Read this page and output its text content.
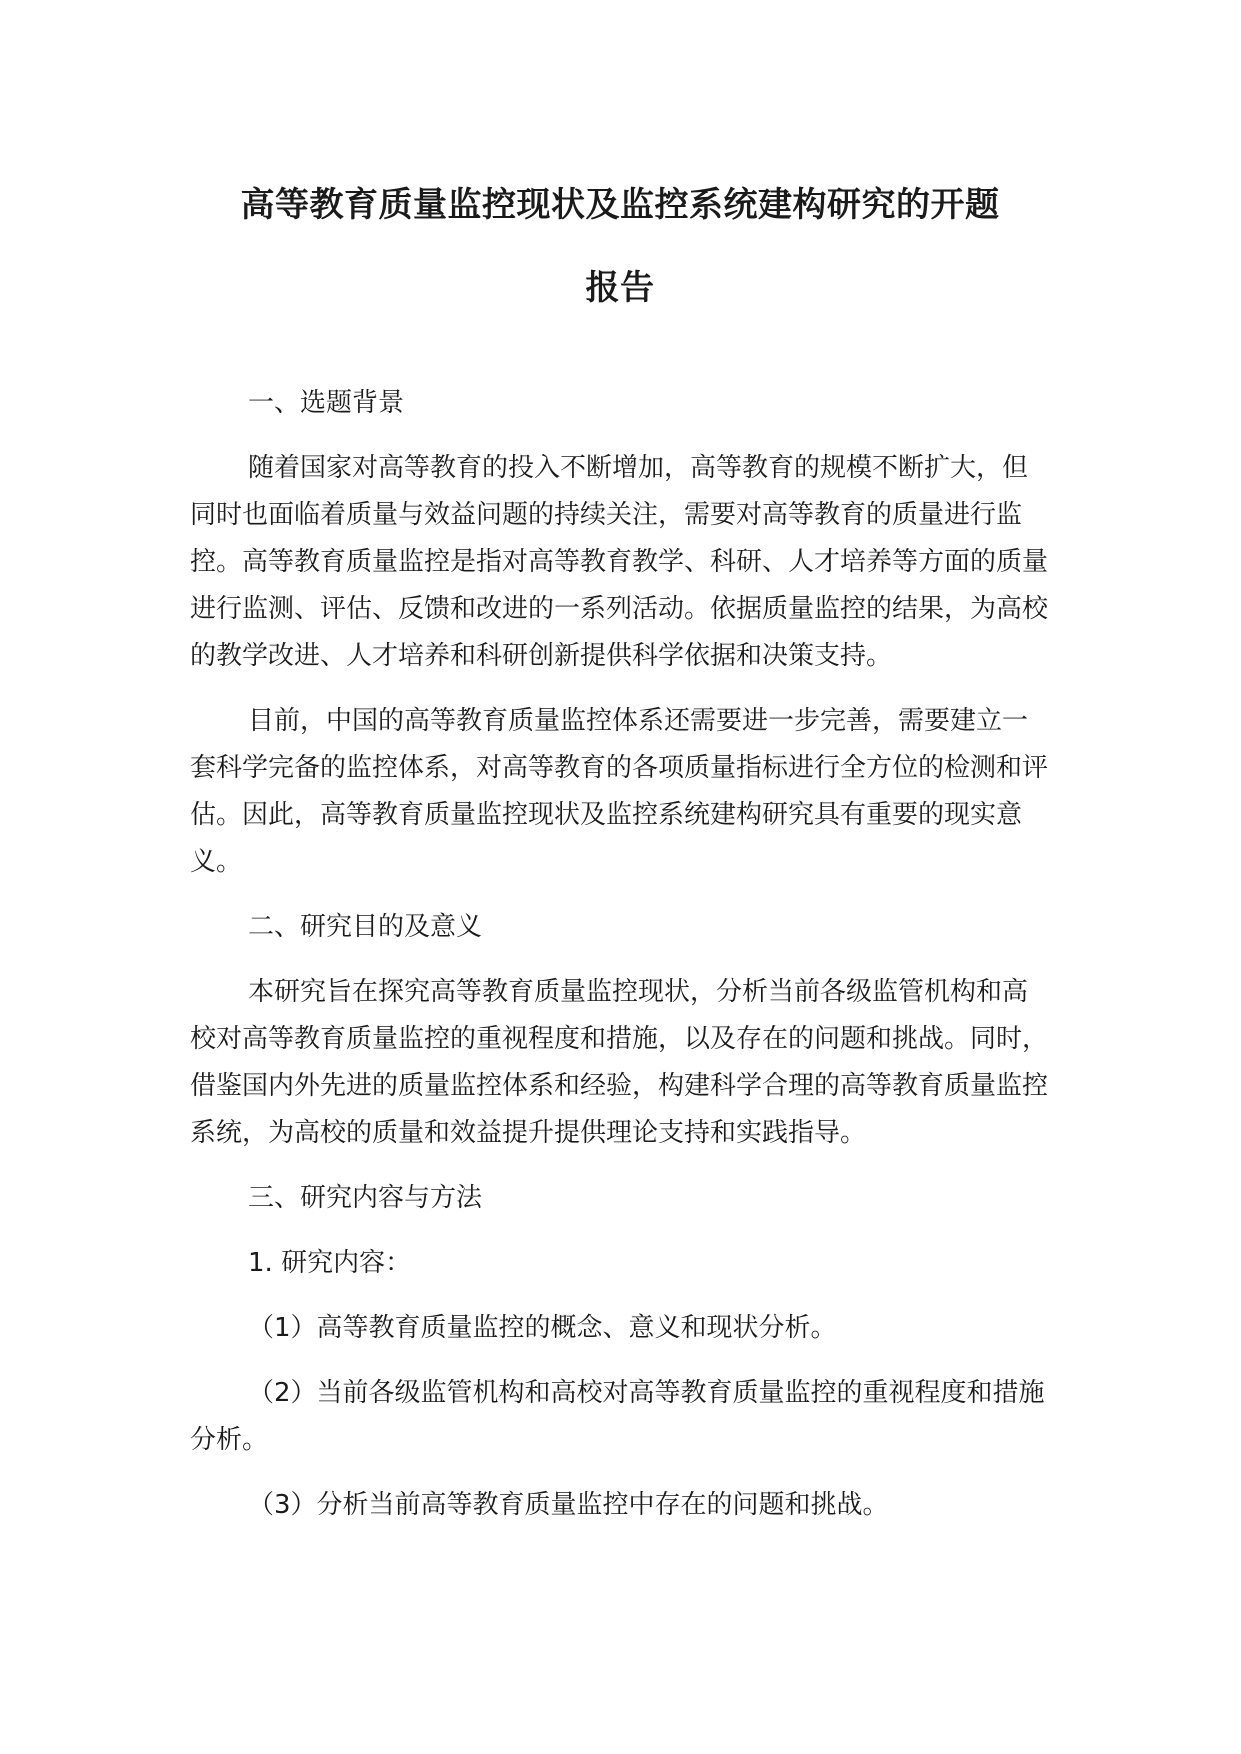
高等教育质量监控现状及监控系统建构研究的开题
报告

一、选题背景

随着国家对高等教育的投入不断增加，高等教育的规模不断扩大，但同时也面临着质量与效益问题的持续关注，需要对高等教育的质量进行监控。高等教育质量监控是指对高等教育教学、科研、人才培养等方面的质量进行监测、评估、反馈和改进的一系列活动。依据质量监控的结果，为高校的教学改进、人才培养和科研创新提供科学依据和决策支持。

目前，中国的高等教育质量监控体系还需要进一步完善，需要建立一套科学完备的监控体系，对高等教育的各项质量指标进行全方位的检测和评估。因此，高等教育质量监控现状及监控系统建构研究具有重要的现实意义。

二、研究目的及意义

本研究旨在探究高等教育质量监控现状，分析当前各级监管机构和高校对高等教育质量监控的重视程度和措施，以及存在的问题和挑战。同时，借鉴国内外先进的质量监控体系和经验，构建科学合理的高等教育质量监控系统，为高校的质量和效益提升提供理论支持和实践指导。

三、研究内容与方法

1. 研究内容：

（1）高等教育质量监控的概念、意义和现状分析。

（2）当前各级监管机构和高校对高等教育质量监控的重视程度和措施分析。

（3）分析当前高等教育质量监控中存在的问题和挑战。
